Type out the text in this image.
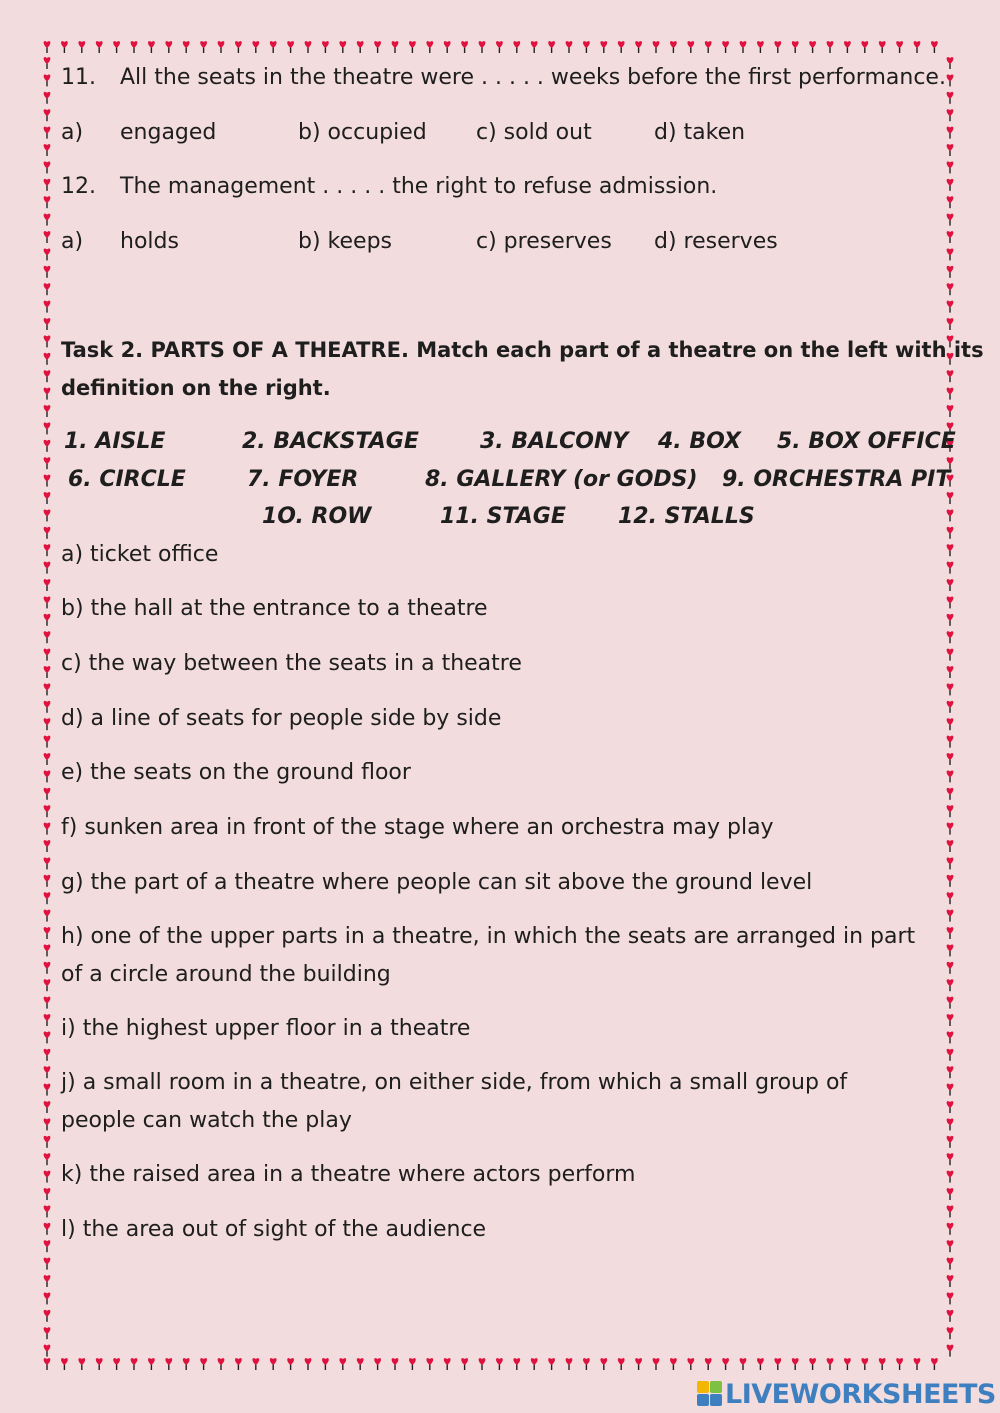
11. All the seats in the theatre were . . . . . weeks before the first performance.
a) engaged	b) occupied c) sold out	d) taken
12. The management . . . . . the right to refuse admission.
a) holds	b) keeps	c) preserves d) reserves
Task 2. PARTS OF A THEATRE. Match each part of a theatre on the left with its
definition on the right.
1. AISLE	2. BACKSTAGE	3. BALCONY 4. BOX 5. BOX OFFICE
6. CIRCLE	7. FOYER	8. GALLERY (or GODS) 9. ORCHESTRA PIT
1O. ROW	11. STAGE 12. STALLS
a) ticket office
b) the hall at the entrance to a theatre
c) the way between the seats in a theatre
d) a line of seats for people side by side
e) the seats on the ground floor
f) sunken area in front of the stage where an orchestra may play
g) the part of a theatre where people can sit above the ground level
h) one of the upper parts in a theatre, in which the seats are arranged in part of a circle around the building
i) the highest upper floor in a theatre
j) a small room in a theatre, on either side, from which a small group of people can watch the play
k) the raised area in a theatre where actors perform
l) the area out of sight of the audience
LIVEWORKSHEETS
